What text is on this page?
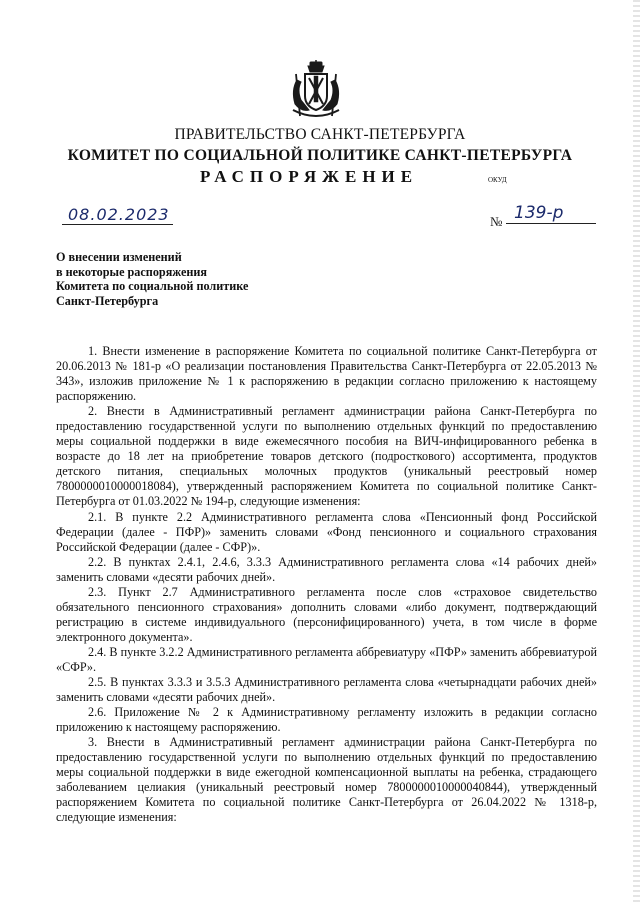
ПРАВИТЕЛЬСТВО САНКТ-ПЕТЕРБУРГА
КОМИТЕТ ПО СОЦИАЛЬНОЙ ПОЛИТИКЕ САНКТ-ПЕТЕРБУРГА
РАСПОРЯЖЕНИЕ	ОКУД
08.02.2023	№ 139-р
О внесении изменений
в некоторые распоряжения
Комитета по социальной политике
Санкт-Петербурга

1. Внести изменение в распоряжение Комитета по социальной политике Санкт-Петербурга от 20.06.2013 № 181-р «О реализации постановления Правительства Санкт-Петербурга от 22.05.2013 № 343», изложив приложение № 1 к распоряжению в редакции согласно приложению к настоящему распоряжению.

2. Внести в Административный регламент администрации района Санкт-Петербурга по предоставлению государственной услуги по выполнению отдельных функций по предоставлению меры социальной поддержки в виде ежемесячного пособия на ВИЧ-инфицированного ребенка в возрасте до 18 лет на приобретение товаров детского (подросткового) ассортимента, продуктов детского питания, специальных молочных продуктов (уникальный реестровый номер 7800000010000018084), утвержденный распоряжением Комитета по социальной политике Санкт-Петербурга от 01.03.2022 № 194-р, следующие изменения:

2.1. В пункте 2.2 Административного регламента слова «Пенсионный фонд Российской Федерации (далее - ПФР)» заменить словами «Фонд пенсионного и социального страхования Российской Федерации (далее - СФР)».

2.2. В пунктах 2.4.1, 2.4.6, 3.3.3 Административного регламента слова «14 рабочих дней» заменить словами «десяти рабочих дней».

2.3. Пункт 2.7 Административного регламента после слов «страховое свидетельство обязательного пенсионного страхования» дополнить словами «либо документ, подтверждающий регистрацию в системе индивидуального (персонифицированного) учета, в том числе в форме электронного документа».

2.4. В пункте 3.2.2 Административного регламента аббревиатуру «ПФР» заменить аббревиатурой «СФР».

2.5. В пунктах 3.3.3 и 3.5.3 Административного регламента слова «четырнадцати рабочих дней» заменить словами «десяти рабочих дней».

2.6. Приложение № 2 к Административному регламенту изложить в редакции согласно приложению к настоящему распоряжению.

3. Внести в Административный регламент администрации района Санкт-Петербурга по предоставлению государственной услуги по выполнению отдельных функций по предоставлению меры социальной поддержки в виде ежегодной компенсационной выплаты на ребенка, страдающего заболеванием целиакия (уникальный реестровый номер 7800000010000040844), утвержденный распоряжением Комитета по социальной политике Санкт-Петербурга от 26.04.2022 № 1318-р, следующие изменения:
